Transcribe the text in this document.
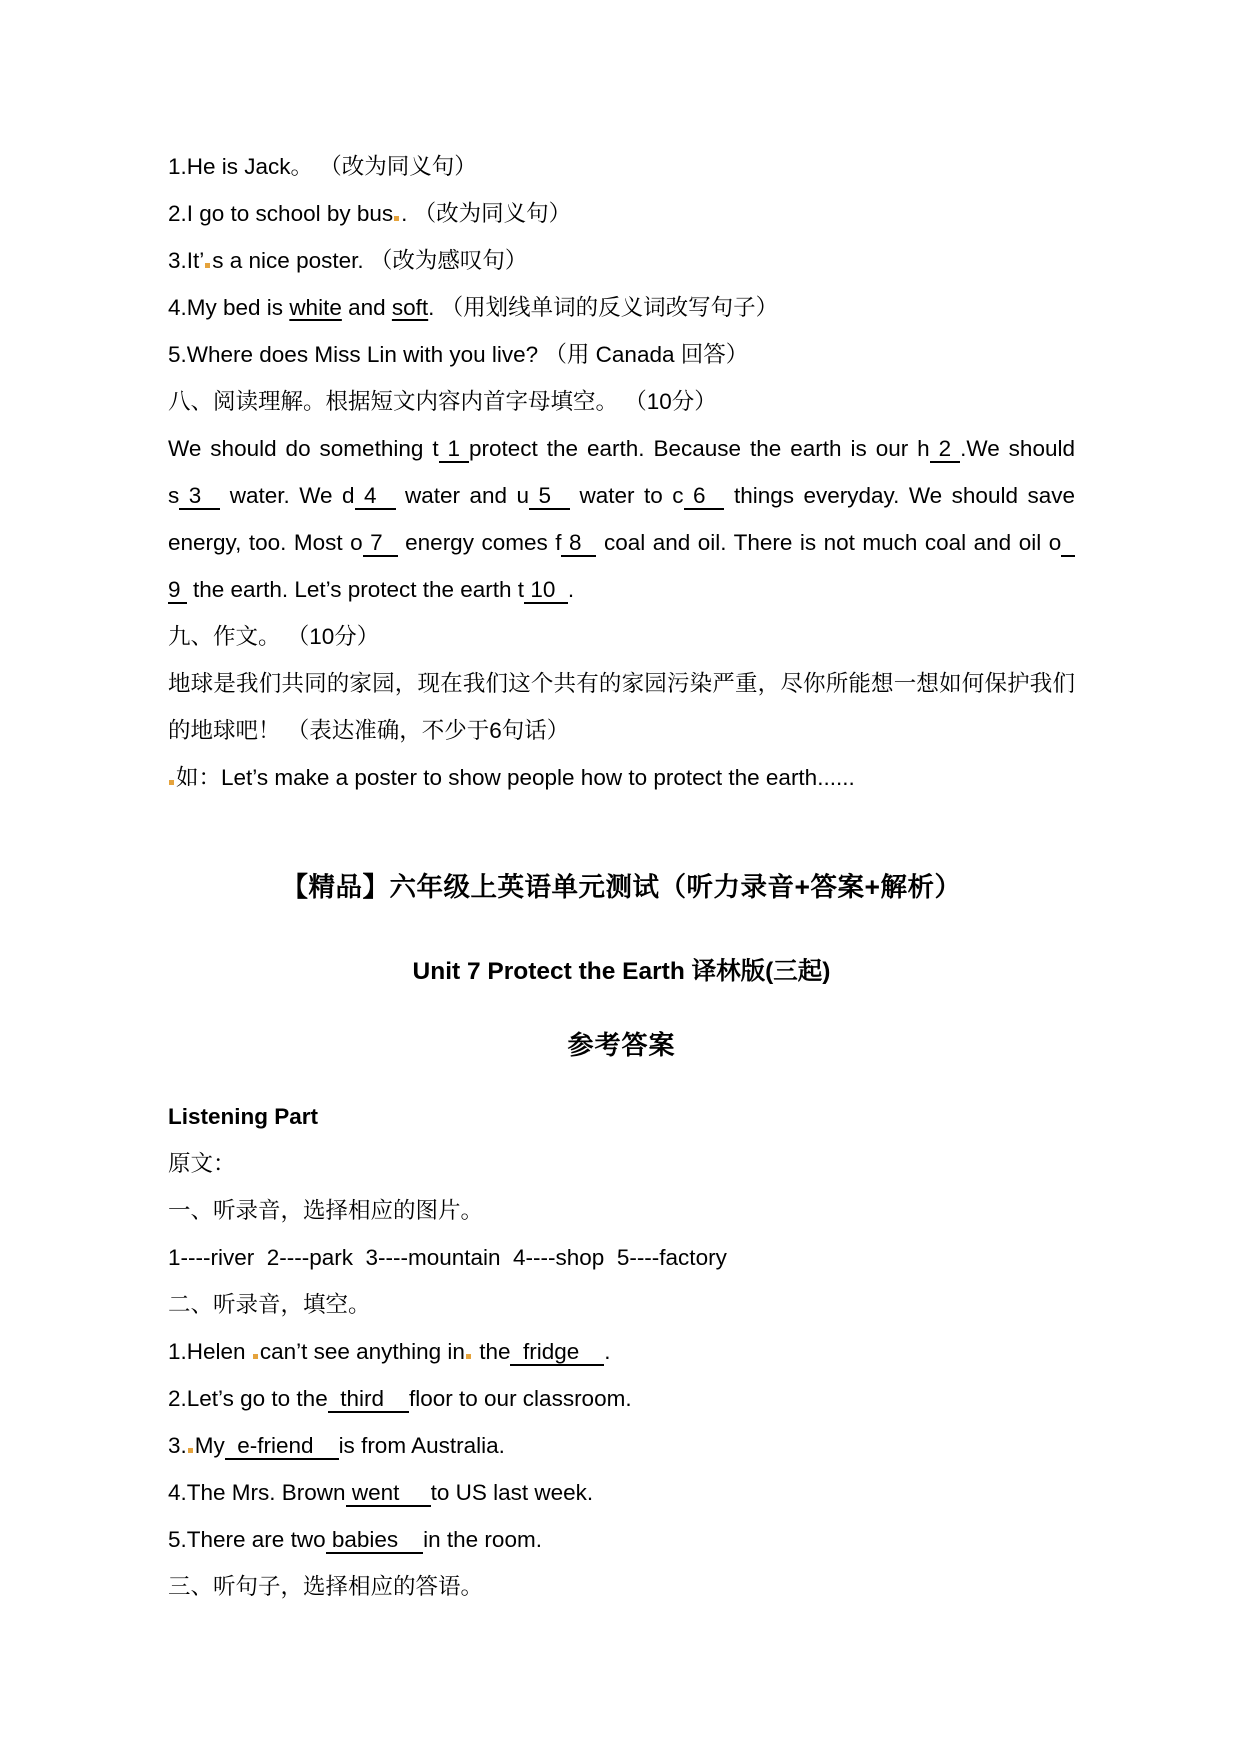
1.He is Jack。 （改为同义句）

2.I go to school by bus . （改为同义句）

3.It’ s a nice poster. （改为感叹句）

4.My bed is white and soft. （用划线单词的反义词改写句子）

5.Where does Miss Lin with you live? （用 Canada 回答）

八、阅读理解。根据短文内容内首字母填空。 （10分）

We should do something t 1 protect the earth. Because the earth is our h 2 .We should

s 3   water. We d 4   water and u 5   water to c 6   things everyday. We should save

energy, too. Most o 7   energy comes f 8   coal and oil. There is not much coal and oil o

9  the earth. Let’s protect the earth t 10  .

九、作文。 （10分）

地球是我们共同的家园，现在我们这个共有的家园污染严重，尽你所能想一想如何保护我们

的地球吧！ （表达准确，不少于6句话）

如：Let’s make a poster to show people how to protect the earth......

【精品】六年级上英语单元测试（听力录音+答案+解析）

Unit 7 Protect the Earth 译林版(三起)

参考答案

Listening Part

原文：

一、听录音，选择相应的图片。

1----river  2----park  3----mountain  4----shop  5----factory

二、听录音，填空。

1.Helen can’t see anything in the  fridge    .

2.Let’s go to the  third    floor to our classroom.

3. My  e-friend    is from Australia.

4.The Mrs. Brown went     to US last week.

5.There are two babies    in the room.

三、听句子，选择相应的答语。
